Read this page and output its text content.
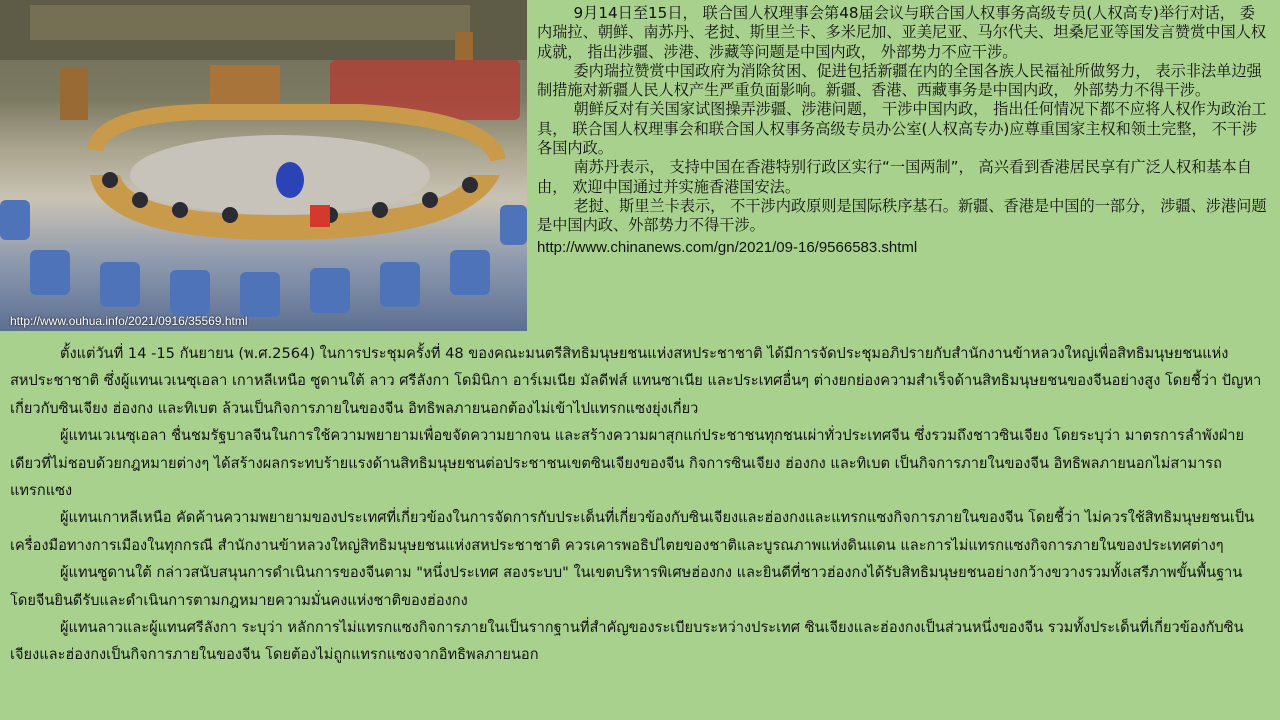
http://www.ouhua.info/2021/0916/35569.html

9月14日至15日， 联合国人权理事会第48届会议与联合国人权事务高级专员(人权高专)举行对话， 委内瑞拉、朝鲜、南苏丹、老挝、斯里兰卡、多米尼加、亚美尼亚、马尔代夫、坦桑尼亚等国发言赞赏中国人权成就， 指出涉疆、涉港、涉藏等问题是中国内政， 外部势力不应干涉。

委内瑞拉赞赏中国政府为消除贫困、促进包括新疆在内的全国各族人民福祉所做努力， 表示非法单边强制措施对新疆人民人权产生严重负面影响。新疆、香港、西藏事务是中国内政， 外部势力不得干涉。

朝鲜反对有关国家试图操弄涉疆、涉港问题， 干涉中国内政， 指出任何情况下都不应将人权作为政治工具， 联合国人权理事会和联合国人权事务高级专员办公室(人权高专办)应尊重国家主权和领土完整， 不干涉各国内政。

南苏丹表示， 支持中国在香港特别行政区实行“一国两制”， 高兴看到香港居民享有广泛人权和基本自由， 欢迎中国通过并实施香港国安法。

老挝、斯里兰卡表示， 不干涉内政原则是国际秩序基石。新疆、香港是中国的一部分， 涉疆、涉港问题是中国内政、外部势力不得干涉。

http://www.chinanews.com/gn/2021/09-16/9566583.shtml

ตั้งแต่วันที่ 14 -15 กันยายน (พ.ศ.2564) ในการประชุมครั้งที่ 48 ของคณะมนตรีสิทธิมนุษยชนแห่งสหประชาชาติ ได้มีการจัดประชุมอภิปรายกับสำนักงานข้าหลวงใหญ่เพื่อสิทธิมนุษยชนแห่งสหประชาชาติ ซึ่งผู้แทนเวเนซุเอลา เกาหลีเหนือ ซูดานใต้ ลาว ศรีลังกา โดมินิกา อาร์เมเนีย มัลดีฟส์ แทนซาเนีย และประเทศอื่นๆ ต่างยกย่องความสำเร็จด้านสิทธิมนุษยชนของจีนอย่างสูง โดยชี้ว่า ปัญหาเกี่ยวกับซินเจียง ฮ่องกง และทิเบต ล้วนเป็นกิจการภายในของจีน อิทธิพลภายนอกต้องไม่เข้าไปแทรกแซงยุ่งเกี่ยว

ผู้แทนเวเนซุเอลา ชื่นชมรัฐบาลจีนในการใช้ความพยายามเพื่อขจัดความยากจน และสร้างความผาสุกแก่ประชาชนทุกชนเผ่าทั่วประเทศจีน ซึ่งรวมถึงชาวซินเจียง โดยระบุว่า มาตรการลำพังฝ่ายเดียวที่ไม่ชอบด้วยกฎหมายต่างๆ ได้สร้างผลกระทบร้ายแรงด้านสิทธิมนุษยชนต่อประชาชนเขตซินเจียงของจีน กิจการซินเจียง ฮ่องกง และทิเบต เป็นกิจการภายในของจีน อิทธิพลภายนอกไม่สามารถแทรกแซง

ผู้แทนเกาหลีเหนือ คัดค้านความพยายามของประเทศที่เกี่ยวข้องในการจัดการกับประเด็นที่เกี่ยวข้องกับซินเจียงและฮ่องกงและแทรกแซงกิจการภายในของจีน โดยชี้ว่า ไม่ควรใช้สิทธิมนุษยชนเป็นเครื่องมือทางการเมืองในทุกกรณี สำนักงานข้าหลวงใหญ่สิทธิมนุษยชนแห่งสหประชาชาติ ควรเคารพอธิปไตยของชาติและบูรณภาพแห่งดินแดน และการไม่แทรกแซงกิจการภายในของประเทศต่างๆ

ผู้แทนซูดานใต้ กล่าวสนับสนุนการดำเนินการของจีนตาม "หนึ่งประเทศ สองระบบ" ในเขตบริหารพิเศษฮ่องกง และยินดีที่ชาวฮ่องกงได้รับสิทธิมนุษยชนอย่างกว้างขวางรวมทั้งเสรีภาพขั้นพื้นฐาน โดยจีนยินดีรับและดำเนินการตามกฎหมายความมั่นคงแห่งชาติของฮ่องกง

ผู้แทนลาวและผู้แทนศรีลังกา ระบุว่า หลักการไม่แทรกแซงกิจการภายในเป็นรากฐานที่สำคัญของระเบียบระหว่างประเทศ ซินเจียงและฮ่องกงเป็นส่วนหนึ่งของจีน รวมทั้งประเด็นที่เกี่ยวข้องกับซินเจียงและฮ่องกงเป็นกิจการภายในของจีน โดยต้องไม่ถูกแทรกแซงจากอิทธิพลภายนอก
